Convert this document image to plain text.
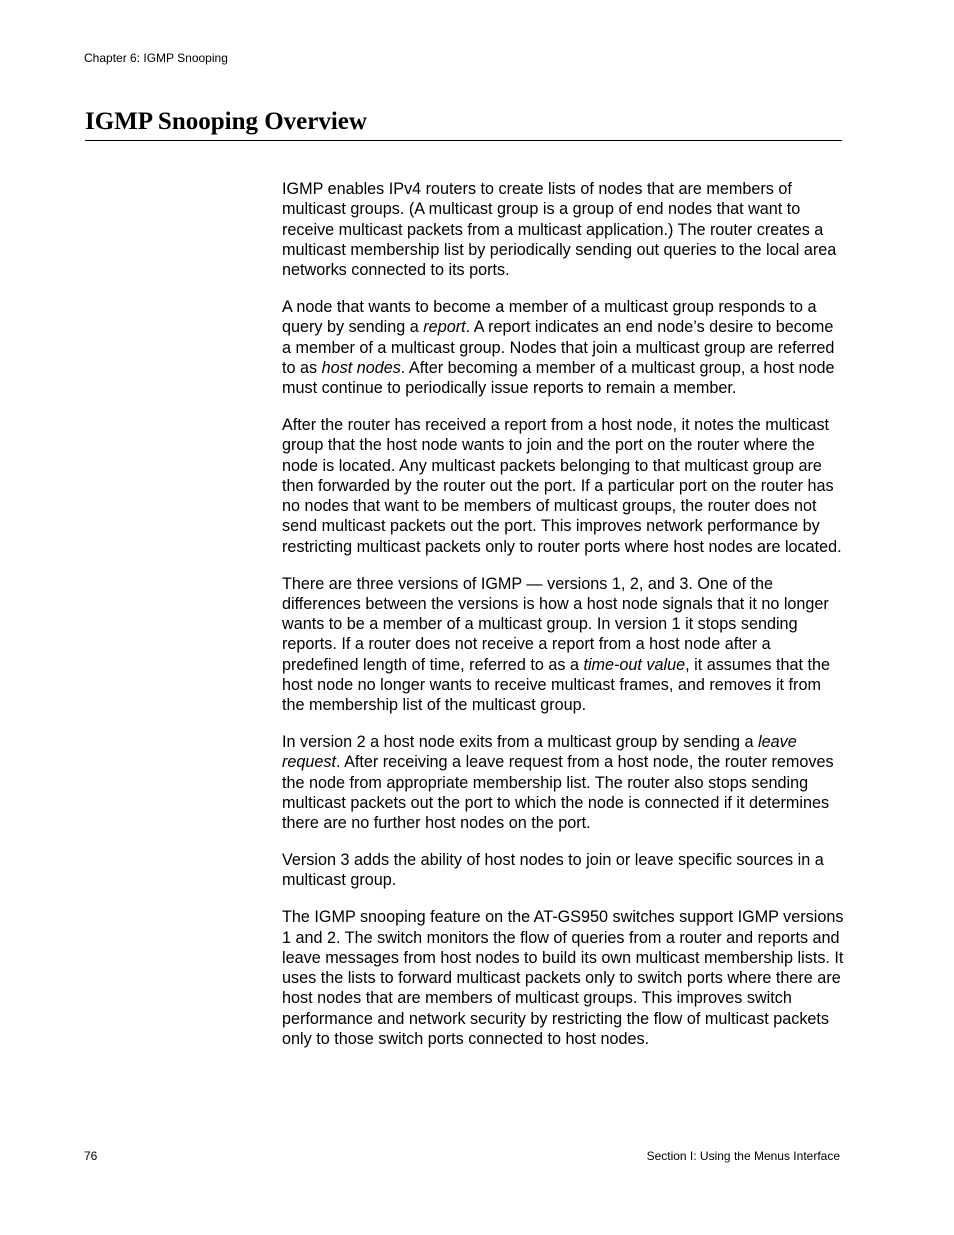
Chapter 6: IGMP Snooping
IGMP Snooping Overview

IGMP enables IPv4 routers to create lists of nodes that are members of multicast groups. (A multicast group is a group of end nodes that want to receive multicast packets from a multicast application.) The router creates a multicast membership list by periodically sending out queries to the local area networks connected to its ports.

A node that wants to become a member of a multicast group responds to a query by sending a report. A report indicates an end node’s desire to become a member of a multicast group. Nodes that join a multicast group are referred to as host nodes. After becoming a member of a multicast group, a host node must continue to periodically issue reports to remain a member.

After the router has received a report from a host node, it notes the multicast group that the host node wants to join and the port on the router where the node is located. Any multicast packets belonging to that multicast group are then forwarded by the router out the port. If a particular port on the router has no nodes that want to be members of multicast groups, the router does not send multicast packets out the port. This improves network performance by restricting multicast packets only to router ports where host nodes are located.

There are three versions of IGMP — versions 1, 2, and 3. One of the differences between the versions is how a host node signals that it no longer wants to be a member of a multicast group. In version 1 it stops sending reports. If a router does not receive a report from a host node after a predefined length of time, referred to as a time-out value, it assumes that the host node no longer wants to receive multicast frames, and removes it from the membership list of the multicast group.

In version 2 a host node exits from a multicast group by sending a leave request. After receiving a leave request from a host node, the router removes the node from appropriate membership list. The router also stops sending multicast packets out the port to which the node is connected if it determines there are no further host nodes on the port.

Version 3 adds the ability of host nodes to join or leave specific sources in a multicast group.

The IGMP snooping feature on the AT-GS950 switches support IGMP versions 1 and 2. The switch monitors the flow of queries from a router and reports and leave messages from host nodes to build its own multicast membership lists. It uses the lists to forward multicast packets only to switch ports where there are host nodes that are members of multicast groups. This improves switch performance and network security by restricting the flow of multicast packets only to those switch ports connected to host nodes.

76	Section I: Using the Menus Interface
